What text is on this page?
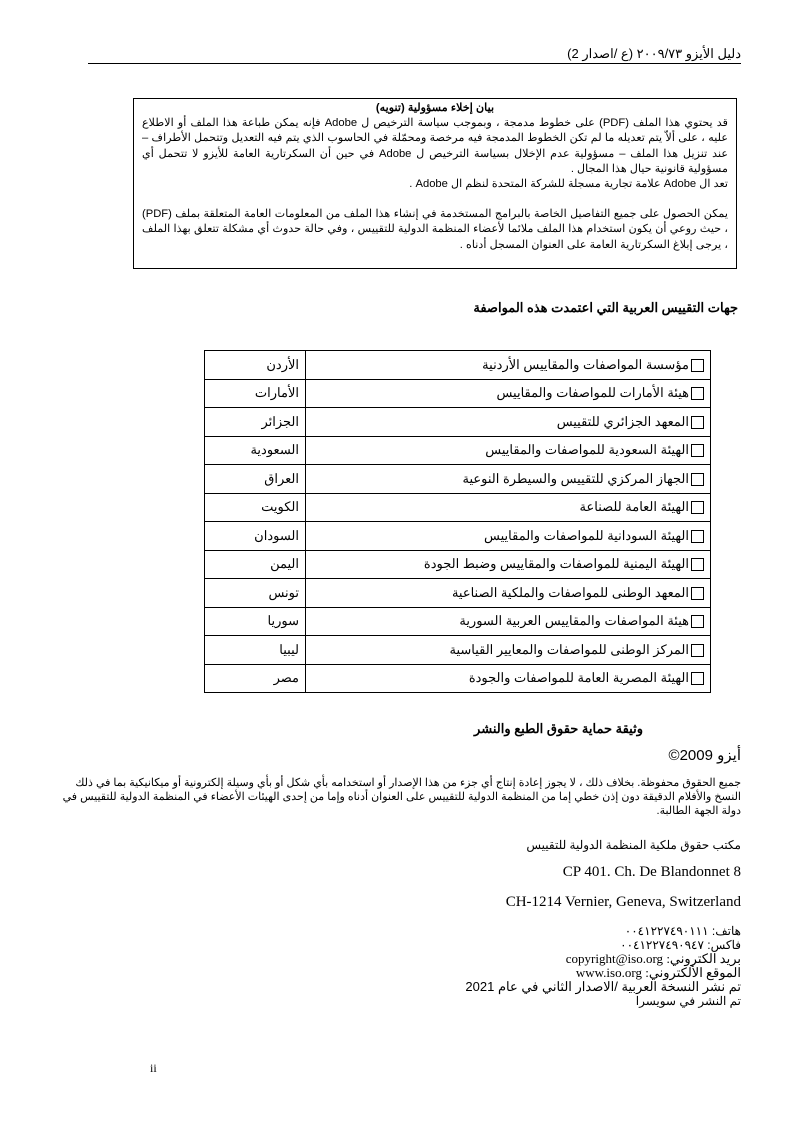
دليل الأيزو ٢٠٠٩/٧٣ (ع /اصدار 2)

بيان إخلاء مسؤولية (تنويه)

قد يحتوي هذا الملف (PDF) على خطوط مدمجة ، وبموجب سياسة الترخيص ل Adobe فإنه يمكن طباعة هذا الملف أو الاطلاع عليه ، على ألاّ يتم تعديله ما لم تكن الخطوط المدمجة فيه مرخصة ومحمّلة في الحاسوب الذي يتم فيه التعديل وتتحمل الأطراف – عند تنزيل هذا الملف – مسؤولية عدم الإخلال بسياسة الترخيص ل Adobe في حين أن السكرتارية العامة للأيزو لا تتحمل أي مسؤولية قانونية حيال هذا المجال .

تعد ال Adobe علامة تجارية مسجلة للشركة المتحدة لنظم ال Adobe .

يمكن الحصول على جميع التفاصيل الخاصة بالبرامج المستخدمة في إنشاء هذا الملف من المعلومات العامة المتعلقة بملف (PDF) ، حيث روعي أن يكون استخدام هذا الملف ملائما لأعضاء المنظمة الدولية للتقييس ، وفي حالة حدوث أي مشكلة تتعلق بهذا الملف ، يرجى إبلاغ السكرتارية العامة على العنوان المسجل أدناه .

جهات التقييس العربية التي اعتمدت هذه المواصفة
مؤسسة المواصفات والمقاييس الأردنية	الأردن
هيئة الأمارات للمواصفات والمقاييس	الأمارات
المعهد الجزائري للتقييس	الجزائر
الهيئة السعودية للمواصفات والمقاييس	السعودية
الجهاز المركزي للتقييس والسيطرة النوعية	العراق
الهيئة العامة للصناعة	الكويت
الهيئة السودانية للمواصفات والمقاييس	السودان
الهيئة اليمنية للمواصفات والمقاييس وضبط الجودة	اليمن
المعهد الوطنى للمواصفات والملكية الصناعية	تونس
هيئة المواصفات والمقاييس العربية السورية	سوريا
المركز الوطنى للمواصفات والمعايير القياسية	ليبيا
الهيئة المصرية العامة للمواصفات والجودة	مصر
وثيقة حماية حقوق الطبع والنشر
أيزو 2009©
جميع الحقوق محفوظة. بخلاف ذلك ، لا يجوز إعادة إنتاج أي جزء من هذا الإصدار أو استخدامه بأي شكل أو بأي وسيلة إلكترونية أو ميكانيكية بما في ذلك النسخ والأفلام الدقيقة دون إذن خطي إما من المنظمة الدولية للتقييس على العنوان أدناه وإما من إحدى الهيئات الأعضاء في المنظمة الدولية للتقييس في دولة الجهة الطالبة.
مكتب حقوق ملكية المنظمة الدولية للتقييس
CP 401. Ch. De Blandonnet 8
CH-1214 Vernier, Geneva, Switzerland
هاتف: ٠٠٤١٢٢٧٤٩٠١١١
فاكس: ٠٠٤١٢٢٧٤٩٠٩٤٧
بريد الكتروني: copyright@iso.org
الموقع الألكتروني: www.iso.org
تم نشر النسخة العربية /الاصدار الثاني في عام 2021
تم النشر في سويسرا
ii
